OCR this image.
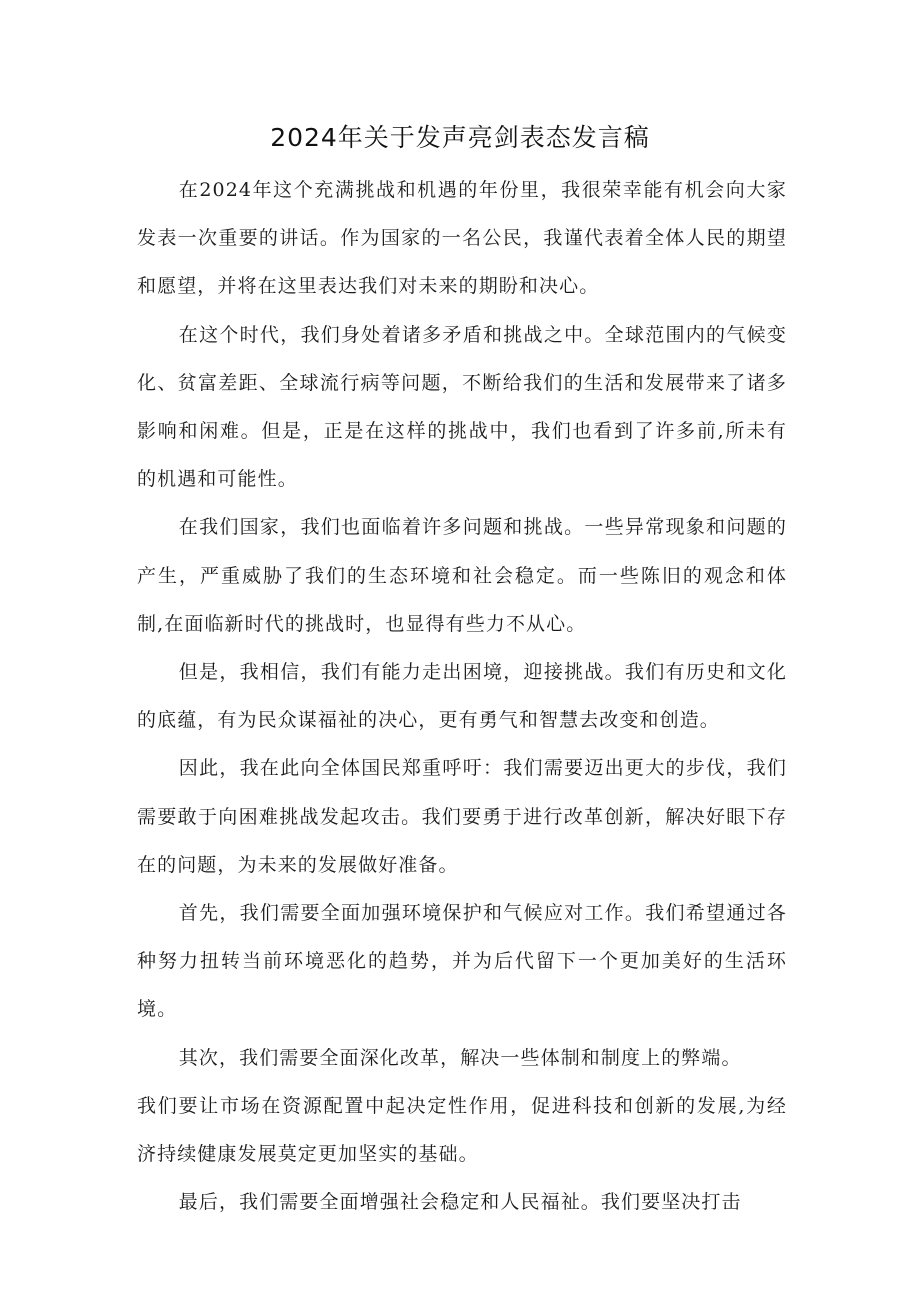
2024年关于发声亮剑表态发言稿

在2024年这个充满挑战和机遇的年份里，我很荣幸能有机会向大家发表一次重要的讲话。作为国家的一名公民，我谨代表着全体人民的期望和愿望，并将在这里表达我们对未来的期盼和决心。

在这个时代，我们身处着诸多矛盾和挑战之中。全球范围内的气候变化、贫富差距、全球流行病等问题，不断给我们的生活和发展带来了诸多影响和闲难。但是，正是在这样的挑战中，我们也看到了许多前,所未有的机遇和可能性。

在我们国家，我们也面临着许多问题和挑战。一些异常现象和问题的产生，严重威胁了我们的生态环境和社会稳定。而一些陈旧的观念和体制,在面临新时代的挑战时，也显得有些力不从心。

但是，我相信，我们有能力走出困境，迎接挑战。我们有历史和文化的底蕴，有为民众谋福祉的决心，更有勇气和智慧去改变和创造。

因此，我在此向全体国民郑重呼吁：我们需要迈出更大的步伐，我们需要敢于向困难挑战发起攻击。我们要勇于进行改革创新，解决好眼下存在的问题，为未来的发展做好准备。

首先，我们需要全面加强环境保护和气候应对工作。我们希望通过各种努力扭转当前环境恶化的趋势，并为后代留下一个更加美好的生活环境。

其次，我们需要全面深化改革，解决一些体制和制度上的弊端。

我们要让市场在资源配置中起决定性作用，促进科技和创新的发展,为经济持续健康发展莫定更加坚实的基础。

最后，我们需要全面增强社会稳定和人民福祉。我们要坚决打击
